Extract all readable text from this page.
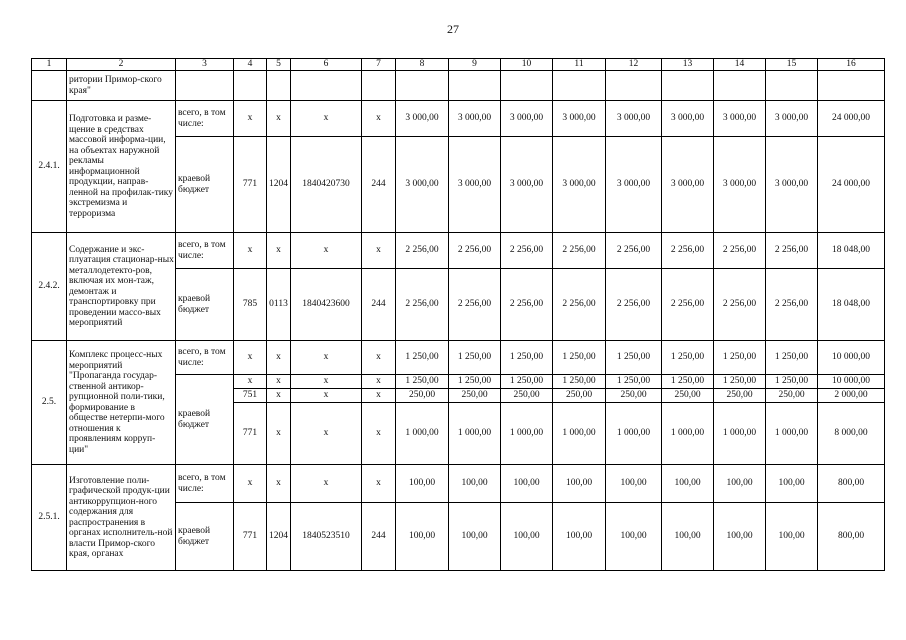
27
1	2	3	4	5	6	7	8	9	10	11	12	13	14	15	16
	ритории Примор-ского края"														
2.4.1.	Подготовка и разме-щение в средствах массовой информа-ции, на объектах наружной рекламы информационной продукции, направ-ленной на профилак-тику экстремизма и терроризма	всего, в том числе:	x	x	x	x	3 000,00	3 000,00	3 000,00	3 000,00	3 000,00	3 000,00	3 000,00	3 000,00	24 000,00
		краевой бюджет	771	1204	1840420730	244	3 000,00	3 000,00	3 000,00	3 000,00	3 000,00	3 000,00	3 000,00	3 000,00	24 000,00
2.4.2.	Содержание и экс-плуатация стационар-ных металлодетекто-ров, включая их мон-таж, демонтаж и транспортировку при проведении массо-вых мероприятий	всего, в том числе:	x	x	x	x	2 256,00	2 256,00	2 256,00	2 256,00	2 256,00	2 256,00	2 256,00	2 256,00	18 048,00
		краевой бюджет	785	0113	1840423600	244	2 256,00	2 256,00	2 256,00	2 256,00	2 256,00	2 256,00	2 256,00	2 256,00	18 048,00
2.5.	Комплекс процесс-ных мероприятий "Пропаганда государ-ственной антикор-рупционной поли-тики, формирование в обществе нетерпи-мого отношения к проявлениям корруп-ции"	всего, в том числе:	x	x	x	x	1 250,00	1 250,00	1 250,00	1 250,00	1 250,00	1 250,00	1 250,00	1 250,00	10 000,00
		краевой бюджет	x	x	x	x	1 250,00	1 250,00	1 250,00	1 250,00	1 250,00	1 250,00	1 250,00	1 250,00	10 000,00
			751	x	x	x	250,00	250,00	250,00	250,00	250,00	250,00	250,00	250,00	2 000,00
			771	x	x	x	1 000,00	1 000,00	1 000,00	1 000,00	1 000,00	1 000,00	1 000,00	1 000,00	8 000,00
2.5.1.	Изготовление поли-графической продук-ции антикоррупцион-ного содержания для распространения в органах исполнитель-ной власти Примор-ского края, органах	всего, в том числе:	x	x	x	x	100,00	100,00	100,00	100,00	100,00	100,00	100,00	100,00	800,00
		краевой бюджет	771	1204	1840523510	244	100,00	100,00	100,00	100,00	100,00	100,00	100,00	100,00	800,00
